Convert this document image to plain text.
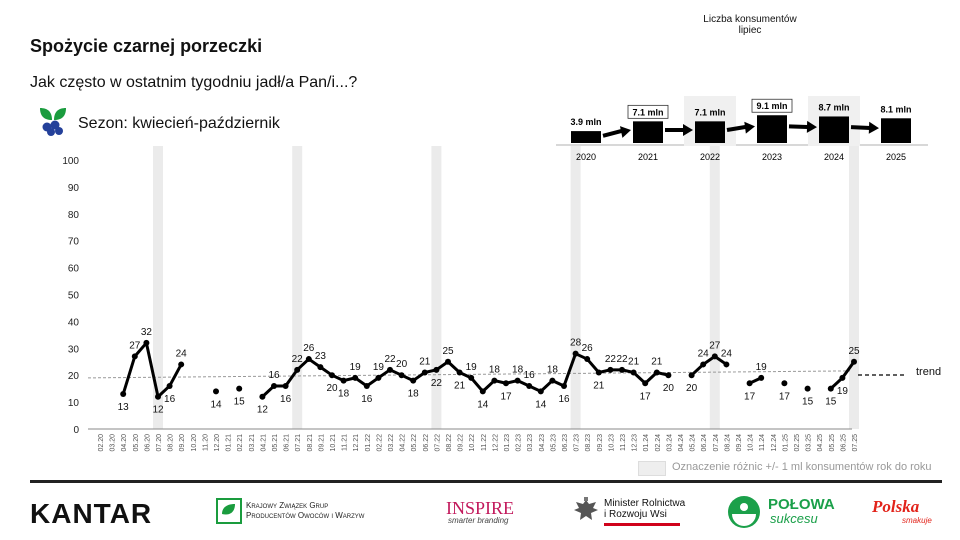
Spożycie czarnej porzeczki
Jak często w ostatnim tygodniu jadł/a Pan/i...?
Sezon: kwiecień-październik
Liczba konsumentów
lipiec
0
10
20
30
40
50
60
70
80
90
100
13
27
32
12
16
24
14 15
12
16
16
22
26
23
20 18
19
16
19
22 20
18
21
22
25
21
19
14
18
17
18 16
14
18
16
28 26
21
22 22 21
17
21
20 20
24
27
24
17
19
17 15 15
19
25
02.20 03.20 04.20 05.20 06.20 07.20 08.20 09.20 10.20 11.20 12.20 01.21 02.21 03.21 04.21 05.21 06.21 07.21 08.21 09.21 10.21 11.21 12.21 01.22 02.22 03.22 04.22 05.22 06.22 07.22 08.22 09.22 10.22 11.22 12.22 01.23 02.23 03.23 04.23 05.23 06.23 07.23 08.23 09.23 10.23 11.23 12.23 01.24 02.24 03.24 04.24 05.24 06.24 07.24 08.24 09.24 10.24 11.24 12.24 01.25 02.25 03.25 04.25 05.25 06.25 07.25
3.9 mln
2020
7.1 mln
2021
7.1 mln
2022
9.1 mln
2023
8.7 mln
2024
8.1 mln
2025
trend
Oznaczenie różnic +/- 1 ml konsumentów rok do roku
KANTAR	Krajowy Związek Grup
Producentów Owoców i Warzyw	INSPIRE
smarter branding
Minister Rolnictwa
i Rozwoju Wsi
POŁOWA
sukcesu
Polska
smakuje
